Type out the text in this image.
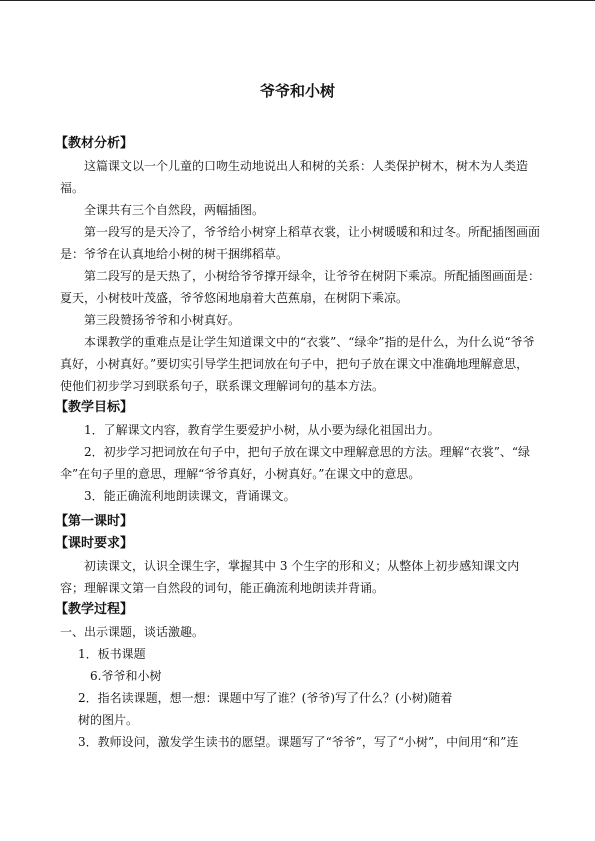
爷爷和小树
【教材分析】

这篇课文以一个儿童的口吻生动地说出人和树的关系：人类保护树木，树木为人类造福。

全课共有三个自然段，两幅插图。

第一段写的是天冷了，爷爷给小树穿上稻草衣裳，让小树暖暖和和过冬。所配插图画面是：爷爷在认真地给小树的树干捆绑稻草。

第二段写的是天热了，小树给爷爷撑开绿伞，让爷爷在树阴下乘凉。所配插图画面是：夏天，小树枝叶茂盛，爷爷悠闲地扇着大芭蕉扇，在树阴下乘凉。

第三段赞扬爷爷和小树真好。

本课教学的重难点是让学生知道课文中的“衣裳”、“绿伞”指的是什么，为什么说“爷爷真好，小树真好。”要切实引导学生把词放在句子中，把句子放在课文中准确地理解意思，使他们初步学习到联系句子，联系课文理解词句的基本方法。

【教学目标】

1．了解课文内容，教育学生要爱护小树，从小要为绿化祖国出力。

2．初步学习把词放在句子中，把句子放在课文中理解意思的方法。理解“衣裳”、“绿伞”在句子里的意思，理解“爷爷真好，小树真好。”在课文中的意思。

3．能正确流利地朗读课文，背诵课文。

【第一课时】
【课时要求】

初读课文，认识全课生字，掌握其中 3 个生字的形和义；从整体上初步感知课文内容；理解课文第一自然段的词句，能正确流利地朗读并背诵。

【教学过程】

一、出示课题，谈话激趣。

1．板书课题

6.爷爷和小树

2．指名读课题，想一想：课题中写了谁？(爷爷)写了什么？(小树)随着

树的图片。

3．教师设问，激发学生读书的愿望。课题写了“爷爷”，写了“小树”，中间用“和”连
